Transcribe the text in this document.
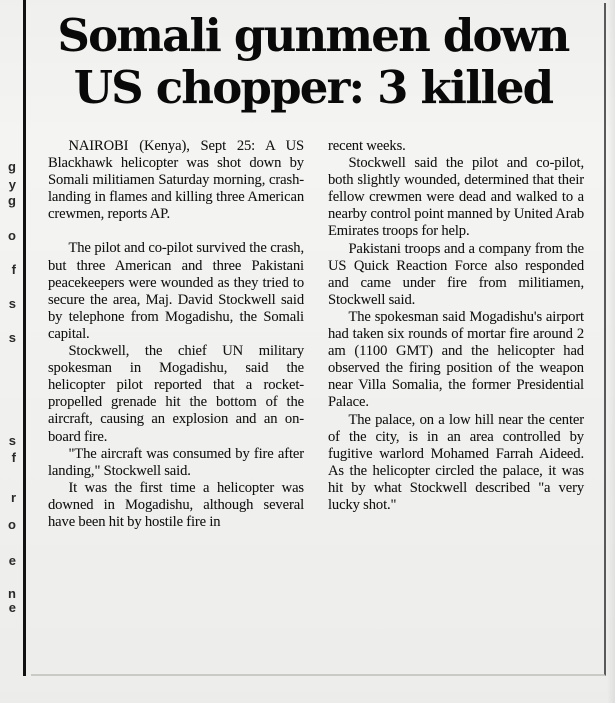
g
y
g
o
f
s
s
s
f
r
o
e
n
e
Somali gunmen down
US chopper: 3 killed

NAIROBI (Kenya), Sept 25: A US Blackhawk helicopter was shot down by Somali militiamen Saturday morning, crash-landing in flames and killing three American crewmen, reports AP.

The pilot and co-pilot survived the crash, but three American and three Pakistani peacekeepers were wounded as they tried to secure the area, Maj. David Stockwell said by telephone from Mogadishu, the Somali capital.

Stockwell, the chief UN military spokesman in Mogadishu, said the helicopter pilot reported that a rocket-propelled grenade hit the bottom of the aircraft, causing an explosion and an on-board fire.

"The aircraft was consumed by fire after landing," Stockwell said.

It was the first time a helicopter was downed in Mogadishu, although several have been hit by hostile fire in

recent weeks.

Stockwell said the pilot and co-pilot, both slightly wounded, determined that their fellow crewmen were dead and walked to a nearby control point manned by United Arab Emirates troops for help.

Pakistani troops and a company from the US Quick Reaction Force also responded and came under fire from militiamen, Stockwell said.

The spokesman said Mogadishu's airport had taken six rounds of mortar fire around 2 am (1100 GMT) and the helicopter had observed the firing position of the weapon near Villa Somalia, the former Presidential Palace.

The palace, on a low hill near the center of the city, is in an area controlled by fugitive warlord Mohamed Farrah Aideed. As the helicopter circled the palace, it was hit by what Stockwell described "a very lucky shot."
